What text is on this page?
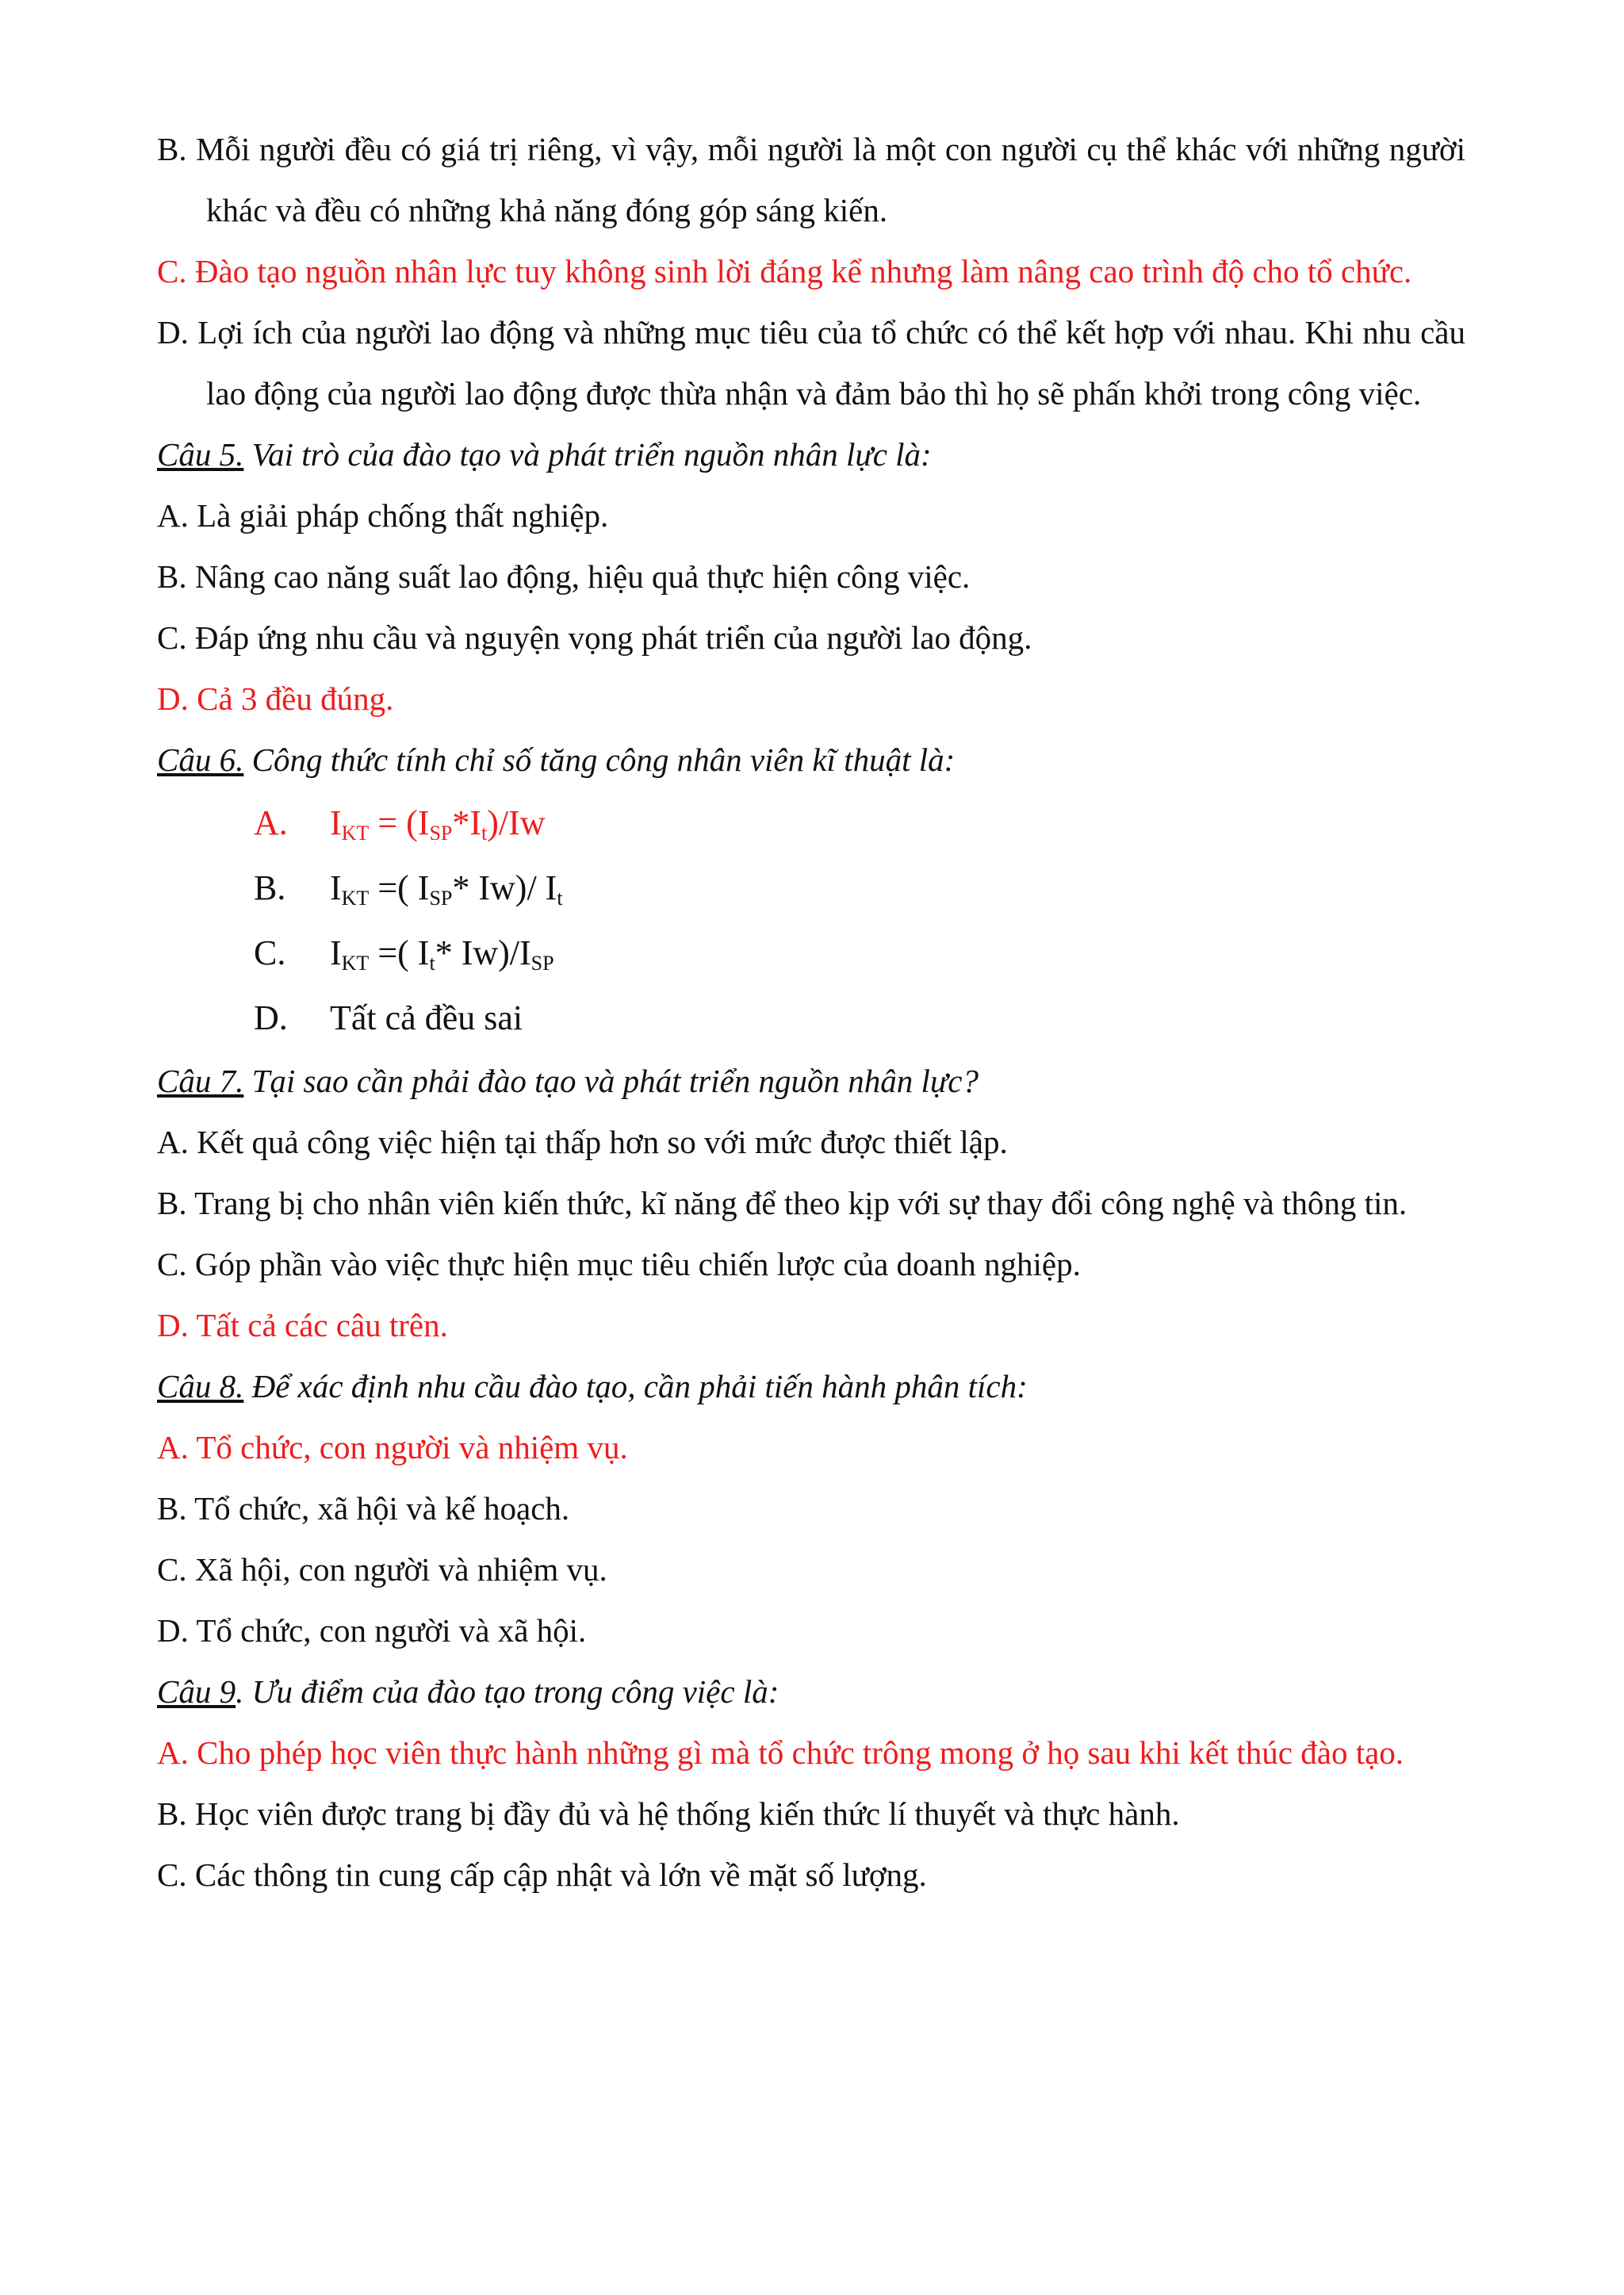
B. Mỗi người đều có giá trị riêng, vì vậy, mỗi người là một con người cụ thể khác với những người khác và đều có những khả năng đóng góp sáng kiến.

C. Đào tạo nguồn nhân lực tuy không sinh lời đáng kể nhưng làm nâng cao trình độ cho tổ chức.

D. Lợi ích của người lao động và những mục tiêu của tổ chức có thể kết hợp với nhau. Khi nhu cầu lao động của người lao động được thừa nhận và đảm bảo thì họ sẽ phấn khởi trong công việc.

Câu 5. Vai trò của đào tạo và phát triển nguồn nhân lực là:

A. Là giải pháp chống thất nghiệp.

B. Nâng cao năng suất lao động, hiệu quả thực hiện công việc.

C. Đáp ứng nhu cầu và nguyện vọng phát triển của người lao động.

D. Cả 3 đều đúng.

Câu 6. Công thức tính chỉ số tăng công nhân viên kĩ thuật là:

A. $I_{KT} = (I_{SP}*I_t)/Iw$
B. $I_{KT}$ =( $I_{SP}*$ Iw)/ $I_t$
C. $I_{KT}$ =( $I_t*$ $Iw)/I_{SP}$
D. Tất cả đều sai

Câu 7. Tại sao cần phải đào tạo và phát triển nguồn nhân lực?

A. Kết quả công việc hiện tại thấp hơn so với mức được thiết lập.

B. Trang bị cho nhân viên kiến thức, kĩ năng để theo kịp với sự thay đổi công nghệ và thông tin.

C. Góp phần vào việc thực hiện mục tiêu chiến lược của doanh nghiệp.

D. Tất cả các câu trên.

Câu 8. Để xác định nhu cầu đào tạo, cần phải tiến hành phân tích:

A. Tổ chức, con người và nhiệm vụ.

B. Tổ chức, xã hội và kế hoạch.

C. Xã hội, con người và nhiệm vụ.

D. Tổ chức, con người và xã hội.

Câu 9. Ưu điểm của đào tạo trong công việc là:

A. Cho phép học viên thực hành những gì mà tổ chức trông mong ở họ sau khi kết thúc đào tạo.

B. Học viên được trang bị đầy đủ và hệ thống kiến thức lí thuyết và thực hành.

C. Các thông tin cung cấp cập nhật và lớn về mặt số lượng.
